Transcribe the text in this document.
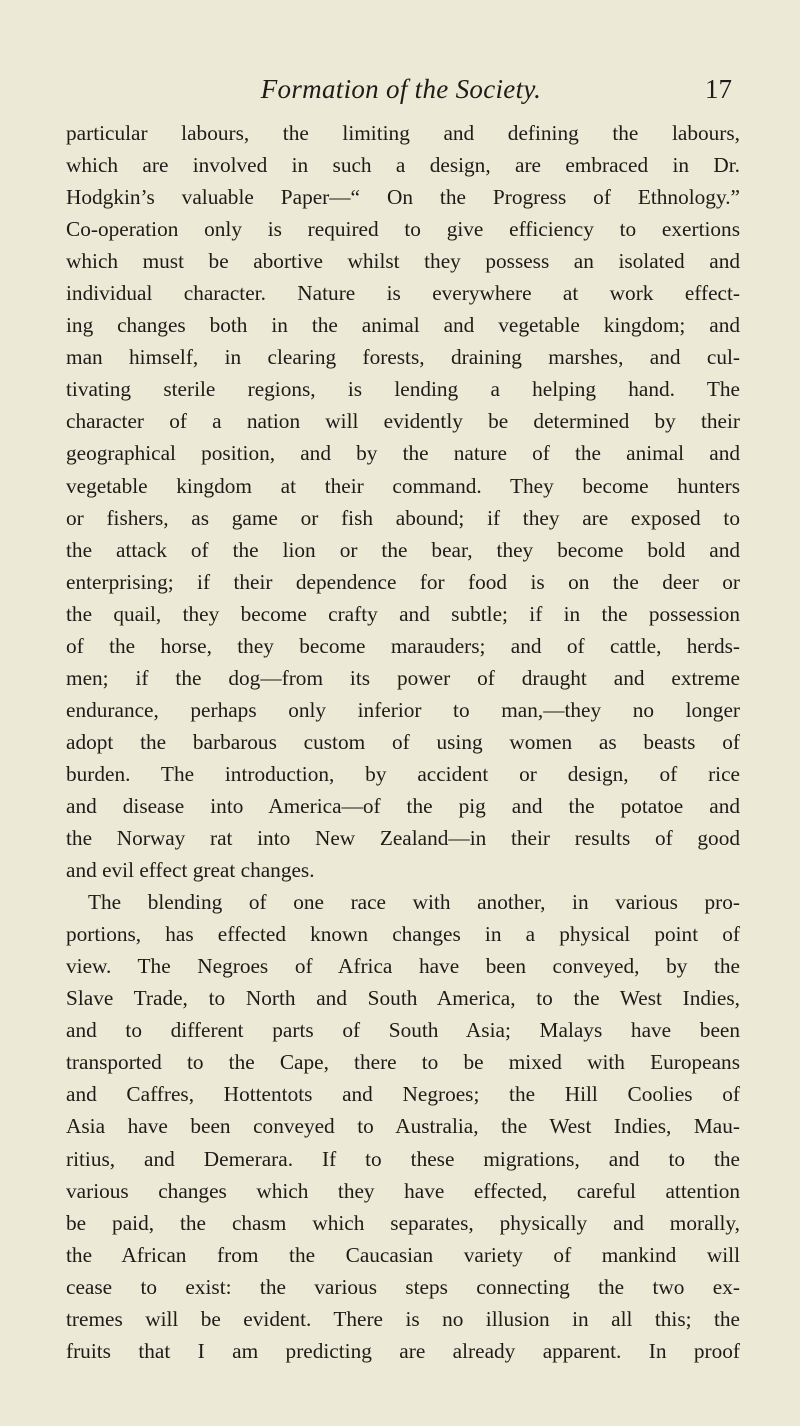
Formation of the Society.	17
particular labours, the limiting and defining the labours,
which are involved in such a design, are embraced in Dr.
Hodgkin’s valuable Paper—“ On the Progress of Ethnology.”
Co-operation only is required to give efficiency to exertions
which must be abortive whilst they possess an isolated and
individual character. Nature is everywhere at work effect-
ing changes both in the animal and vegetable kingdom; and
man himself, in clearing forests, draining marshes, and cul-
tivating sterile regions, is lending a helping hand. The
character of a nation will evidently be determined by their
geographical position, and by the nature of the animal and
vegetable kingdom at their command. They become hunters
or fishers, as game or fish abound; if they are exposed to
the attack of the lion or the bear, they become bold and
enterprising; if their dependence for food is on the deer or
the quail, they become crafty and subtle; if in the possession
of the horse, they become marauders; and of cattle, herds-
men; if the dog—from its power of draught and extreme
endurance, perhaps only inferior to man,—they no longer
adopt the barbarous custom of using women as beasts of
burden. The introduction, by accident or design, of rice
and disease into America—of the pig and the potatoe and
the Norway rat into New Zealand—in their results of good
and evil effect great changes.
The blending of one race with another, in various pro-
portions, has effected known changes in a physical point of
view. The Negroes of Africa have been conveyed, by the
Slave Trade, to North and South America, to the West Indies,
and to different parts of South Asia; Malays have been
transported to the Cape, there to be mixed with Europeans
and Caffres, Hottentots and Negroes; the Hill Coolies of
Asia have been conveyed to Australia, the West Indies, Mau-
ritius, and Demerara. If to these migrations, and to the
various changes which they have effected, careful attention
be paid, the chasm which separates, physically and morally,
the African from the Caucasian variety of mankind will
cease to exist: the various steps connecting the two ex-
tremes will be evident. There is no illusion in all this; the
fruits that I am predicting are already apparent. In proof
